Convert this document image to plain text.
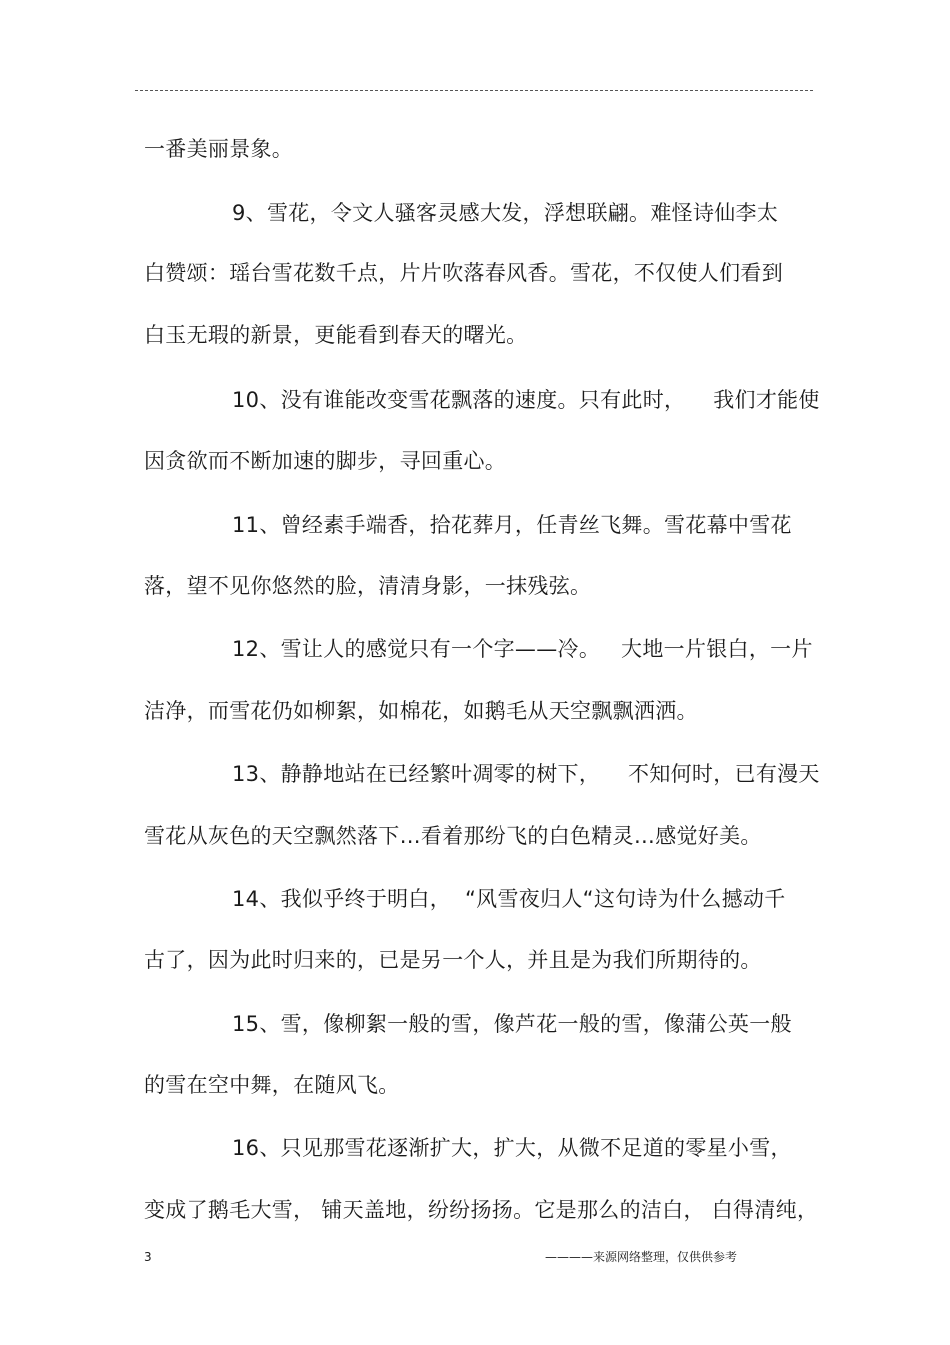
一番美丽景象。
9、雪花，令文人骚客灵感大发，浮想联翩。难怪诗仙李太
白赞颂：瑶台雪花数千点，片片吹落春风香。雪花，不仅使人们看到
白玉无瑕的新景，更能看到春天的曙光。
10、没有谁能改变雪花飘落的速度。只有此时，    我们才能使
因贪欲而不断加速的脚步，寻回重心。
11、曾经素手端香，拾花葬月，任青丝飞舞。雪花幕中雪花
落，望不见你悠然的脸，清清身影，一抹残弦。
12、雪让人的感觉只有一个字——冷。   大地一片银白，一片
洁净，而雪花仍如柳絮，如棉花，如鹅毛从天空飘飘洒洒。
13、静静地站在已经繁叶凋零的树下，    不知何时，已有漫天
雪花从灰色的天空飘然落下…看着那纷飞的白色精灵…感觉好美。
14、我似乎终于明白，  “风雪夜归人“这句诗为什么撼动千
古了，因为此时归来的，已是另一个人，并且是为我们所期待的。
15、雪，像柳絮一般的雪，像芦花一般的雪，像蒲公英一般
的雪在空中舞，在随风飞。
16、只见那雪花逐渐扩大，扩大，从微不足道的零星小雪，
变成了鹅毛大雪， 铺天盖地，纷纷扬扬。它是那么的洁白， 白得清纯，
3	————来源网络整理，仅供供参考
